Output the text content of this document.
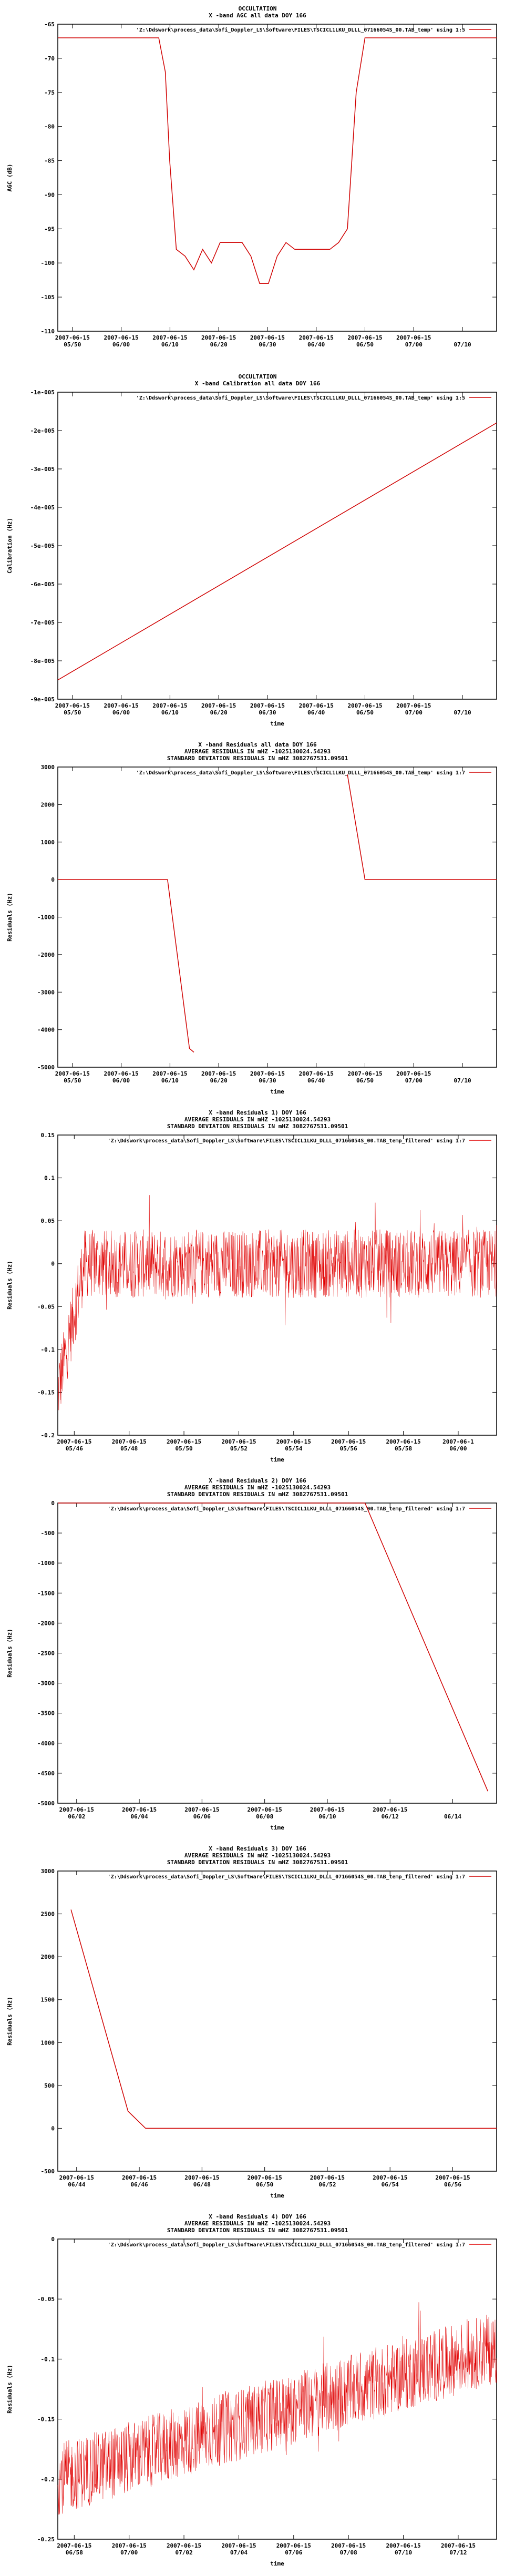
OCCULTATION
X -band AGC all data DOY 166
-110
-105
-100
-95
-90
-85
-80
-75
-70
-65
2007-06-15
05/50
2007-06-15
06/00
2007-06-15
06/10
2007-06-15
06/20
2007-06-15
06/30
2007-06-15
06/40
2007-06-15
06/50
2007-06-15
07/00	07/10
AGC (dB)
'Z:\Ddswork\process_data\Sofi_Doppler_LS\Software\FILES\TSCICL1LKU_DLLL_07166054S_00.TAB_temp' using 1:5
OCCULTATION
X -band Calibration all data DOY 166
-9e-005
-8e-005
-7e-005
-6e-005
-5e-005
-4e-005
-3e-005
-2e-005
-1e-005
2007-06-15
05/50
2007-06-15
06/00
2007-06-15
06/10
2007-06-15
06/20
2007-06-15
06/30
2007-06-15
06/40
2007-06-15
06/50
2007-06-15
07/00	07/10
Calibration (Hz)
time
'Z:\Ddswork\process_data\Sofi_Doppler_LS\Software\FILES\TSCICL1LKU_DLLL_07166054S_00.TAB_temp' using 1:5
X -band Residuals all data DOY 166
AVERAGE RESIDUALS IN mHZ -1025130024.54293
STANDARD DEVIATION RESIDUALS IN mHZ 3082767531.09501
-5000
-4000
-3000
-2000
-1000
0
1000
2000
3000
2007-06-15
05/50
2007-06-15
06/00
2007-06-15
06/10
2007-06-15
06/20
2007-06-15
06/30
2007-06-15
06/40
2007-06-15
06/50
2007-06-15
07/00	07/10
Residuals (Hz)
time
'Z:\Ddswork\process_data\Sofi_Doppler_LS\Software\FILES\TSCICL1LKU_DLLL_07166054S_00.TAB_temp' using 1:7
X -band Residuals 1) DOY 166
AVERAGE RESIDUALS IN mHZ -1025130024.54293
STANDARD DEVIATION RESIDUALS IN mHZ 3082767531.09501
-0.2
-0.15
-0.1
-0.05
0
0.05
0.1
0.15
2007-06-15
05/46
2007-06-15
05/48
2007-06-15
05/50
2007-06-15
05/52
2007-06-15
05/54
2007-06-15
05/56
2007-06-15
05/58
2007-06-1
06/00
Residuals (Hz)
time
'Z:\Ddswork\process_data\Sofi_Doppler_LS\Software\FILES\TSCICL1LKU_DLLL_07166054S_00.TAB_temp_filtered' using 1:7
X -band Residuals 2) DOY 166
AVERAGE RESIDUALS IN mHZ -1025130024.54293
STANDARD DEVIATION RESIDUALS IN mHZ 3082767531.09501
-5000
-4500
-4000
-3500
-3000
-2500
-2000
-1500
-1000
-500
0
2007-06-15
06/02
2007-06-15
06/04
2007-06-15
06/06
2007-06-15
06/08
2007-06-15
06/10
2007-06-15
06/12	06/14
Residuals (Hz)
time
'Z:\Ddswork\process_data\Sofi_Doppler_LS\Software\FILES\TSCICL1LKU_DLLL_07166054S_00.TAB_temp_filtered' using 1:7
X -band Residuals 3) DOY 166
AVERAGE RESIDUALS IN mHZ -1025130024.54293
STANDARD DEVIATION RESIDUALS IN mHZ 3082767531.09501
-500
0
500
1000
1500
2000
2500
3000
2007-06-15
06/44
2007-06-15
06/46
2007-06-15
06/48
2007-06-15
06/50
2007-06-15
06/52
2007-06-15
06/54
2007-06-15
06/56
Residuals (Hz)
time
'Z:\Ddswork\process_data\Sofi_Doppler_LS\Software\FILES\TSCICL1LKU_DLLL_07166054S_00.TAB_temp_filtered' using 1:7
X -band Residuals 4) DOY 166
AVERAGE RESIDUALS IN mHZ -1025130024.54293
STANDARD DEVIATION RESIDUALS IN mHZ 3082767531.09501
-0.25
-0.2
-0.15
-0.1
-0.05
0
2007-06-15
06/58
2007-06-15
07/00
2007-06-15
07/02
2007-06-15
07/04
2007-06-15
07/06
2007-06-15
07/08
2007-06-15
07/10
2007-06-15
07/12
Residuals (Hz)
time
'Z:\Ddswork\process_data\Sofi_Doppler_LS\Software\FILES\TSCICL1LKU_DLLL_07166054S_00.TAB_temp_filtered' using 1:7
